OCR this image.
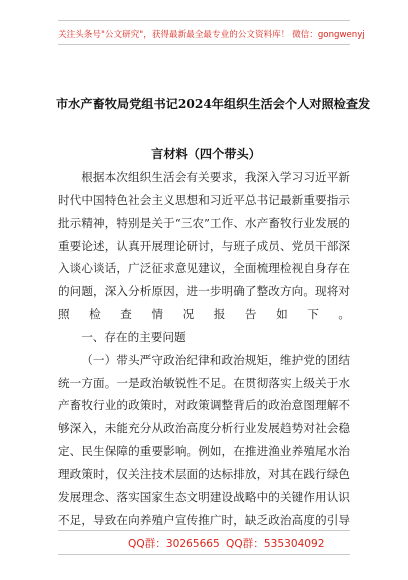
关注头条号"公文研究"，获得最新最全最专业的公文资料库！ 微信：gongwenyj
市水产畜牧局党组书记2024年组织生活会个人对照检查发
言材料（四个带头）

根据本次组织生活会有关要求，我深入学习习近平新时代中国特色社会主义思想和习近平总书记最新重要指示批示精神，特别是关于“三农”工作、水产畜牧行业发展的重要论述，认真开展理论研讨，与班子成员、党员干部深入谈心谈话，广泛征求意见建议，全面梳理检视自身存在的问题，深入分析原因，进一步明确了整改方向。现将对照检查情况报告如下。

一、存在的主要问题

（一）带头严守政治纪律和政治规矩，维护党的团结统一方面。一是政治敏锐性不足。在贯彻落实上级关于水产畜牧行业的政策时，对政策调整背后的政治意图理解不够深入，未能充分从政治高度分析行业发展趋势对社会稳定、民生保障的重要影响。例如，在推进渔业养殖尾水治理政策时，仅关注技术层面的达标排放，对其在践行绿色发展理念、落实国家生态文明建设战略中的关键作用认识不足，导致在向养殖户宣传推广时，缺乏政治高度的引导

QQ群：30265665 QQ群：535304092
